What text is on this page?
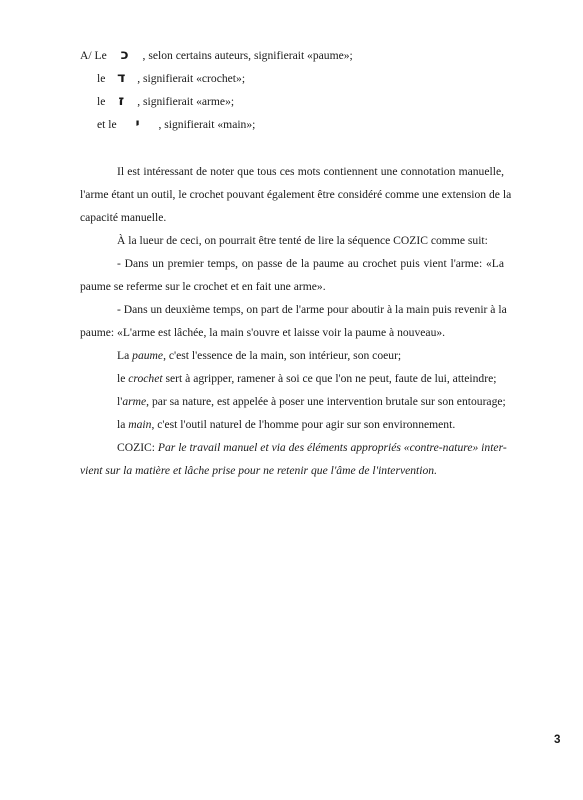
A/ Le כ , selon certains auteurs, signifierait «paume»;
le ד , signifierait «crochet»;
le ז , signifierait «arme»;
et le י , signifierait «main»;
Il est intéressant de noter que tous ces mots contiennent une connotation manuelle,
l'arme étant un outil, le crochet pouvant également être considéré comme une extension de la
capacité manuelle.
À la lueur de ceci, on pourrait être tenté de lire la séquence COZIC comme suit:
- Dans un premier temps, on passe de la paume au crochet puis vient l'arme: «La
paume se referme sur le crochet et en fait une arme».
- Dans un deuxième temps, on part de l'arme pour aboutir à la main puis revenir à la
paume: «L'arme est lâchée, la main s'ouvre et laisse voir la paume à nouveau».
La paume, c'est l'essence de la main, son intérieur, son coeur;
le crochet sert à agripper, ramener à soi ce que l'on ne peut, faute de lui, atteindre;
l'arme, par sa nature, est appelée à poser une intervention brutale sur son entourage;
la main, c'est l'outil naturel de l'homme pour agir sur son environnement.
COZIC: Par le travail manuel et via des éléments appropriés «contre-nature» inter-
vient sur la matière et lâche prise pour ne retenir que l'âme de l'intervention.
3
